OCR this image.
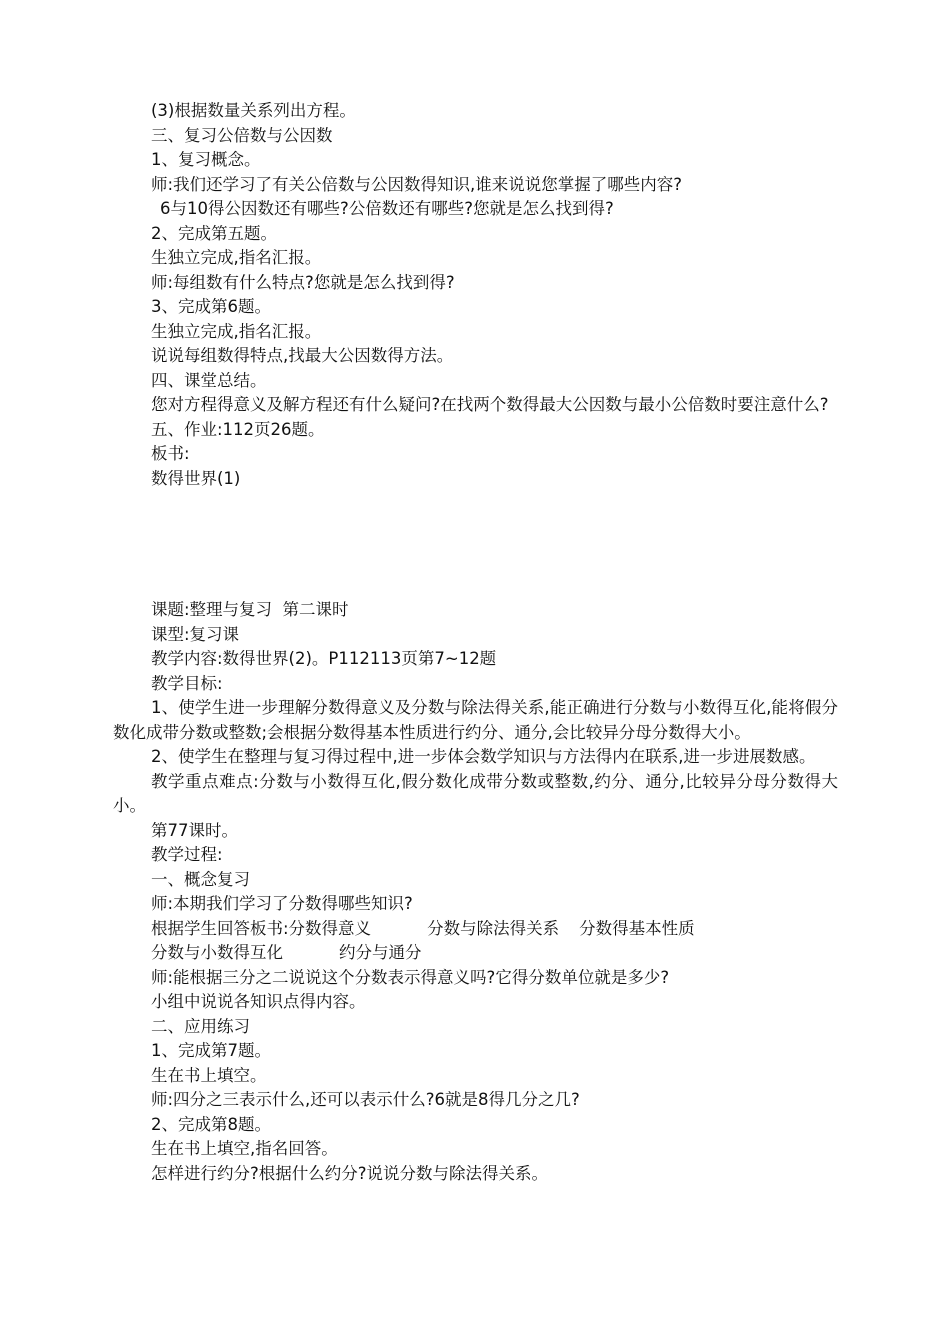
(3)根据数量关系列出方程。

三、复习公倍数与公因数

1、复习概念。

师:我们还学习了有关公倍数与公因数得知识,谁来说说您掌握了哪些内容?

6与10得公因数还有哪些?公倍数还有哪些?您就是怎么找到得?

2、完成第五题。

生独立完成,指名汇报。

师:每组数有什么特点?您就是怎么找到得?

3、完成第6题。

生独立完成,指名汇报。

说说每组数得特点,找最大公因数得方法。

四、课堂总结。

您对方程得意义及解方程还有什么疑问?在找两个数得最大公因数与最小公倍数时要注意什么?

五、作业:112页26题。

板书:

数得世界(1)

课题:整理与复习  第二课时

课型:复习课

教学内容:数得世界(2)。P112113页第7~12题

教学目标:

1、使学生进一步理解分数得意义及分数与除法得关系,能正确进行分数与小数得互化,能将假分数化成带分数或整数;会根据分数得基本性质进行约分、通分,会比较异分母分数得大小。

2、使学生在整理与复习得过程中,进一步体会数学知识与方法得内在联系,进一步进展数感。

教学重点难点:分数与小数得互化,假分数化成带分数或整数,约分、通分,比较异分母分数得大小。

第77课时。

教学过程:

一、概念复习

师:本期我们学习了分数得哪些知识?

根据学生回答板书:分数得意义	分数与除法得关系 分数得基本性质

分数与小数得互化	约分与通分

师:能根据三分之二说说这个分数表示得意义吗?它得分数单位就是多少?

小组中说说各知识点得内容。

二、应用练习

1、完成第7题。

生在书上填空。

师:四分之三表示什么,还可以表示什么?6就是8得几分之几?

2、完成第8题。

生在书上填空,指名回答。

怎样进行约分?根据什么约分?说说分数与除法得关系。
